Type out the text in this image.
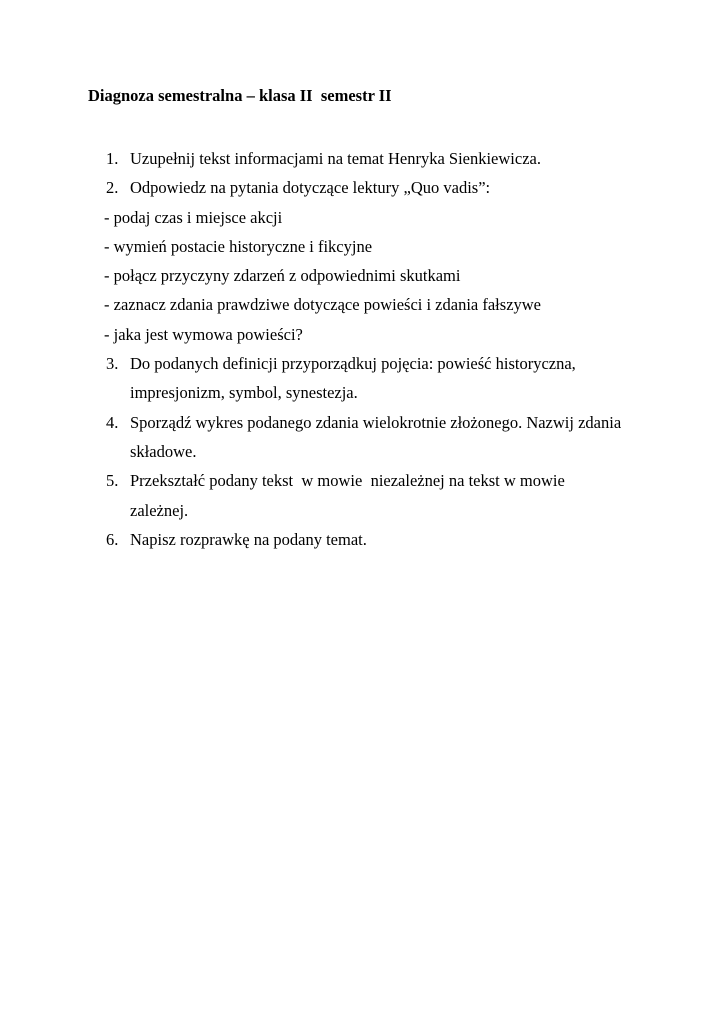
Diagnoza semestralna – klasa II  semestr II

1.

Uzupełnij tekst informacjami na temat Henryka Sienkiewicza.

2.

Odpowiedz na pytania dotyczące lektury „Quo vadis”:

- podaj czas i miejsce akcji
- wymień postacie historyczne i fikcyjne
- połącz przyczyny zdarzeń z odpowiednimi skutkami
- zaznacz zdania prawdziwe dotyczące powieści i zdania fałszywe
- jaka jest wymowa powieści?

3.

Do podanych definicji przyporządkuj pojęcia: powieść historyczna,

impresjonizm, symbol, synestezja.

4.

Sporządź wykres podanego zdania wielokrotnie złożonego. Nazwij zdania

składowe.

5.

Przekształć podany tekst  w mowie  niezależnej na tekst w mowie

zależnej.

6.

Napisz rozprawkę na podany temat.
